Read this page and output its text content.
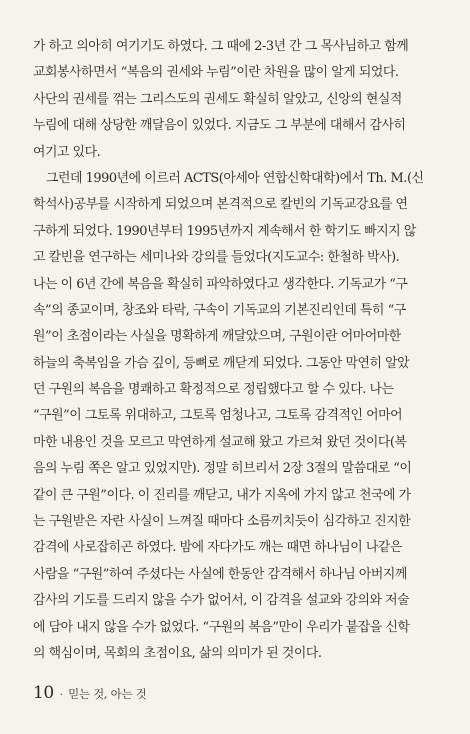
가 하고 의아히 여기기도 하였다. 그 때에 2-3년 간 그 목사님하고 함께
교회봉사하면서 “복음의 권세와 누림”이란 차원을 많이 알게 되었다.
사단의 권세를 꺾는 그리스도의 권세도 확실히 알았고, 신앙의 현실적
누림에 대해 상당한 깨달음이 있었다. 지금도 그 부분에 대해서 감사히
여기고 있다.
그런데 1990년에 이르러 ACTS(아세아 연합신학대학)에서 Th. M.(신
학석사)공부를 시작하게 되었으며 본격적으로 칼빈의 기독교강요를 연
구하게 되었다. 1990년부터 1995년까지 계속해서 한 학기도 빠지지 않
고 칼빈을 연구하는 세미나와 강의를 들었다(지도교수: 한철하 박사).
나는 이 6년 간에 복음을 확실히 파악하였다고 생각한다. 기독교가 “구
속”의 종교이며, 창조와 타락, 구속이 기독교의 기본진리인데 특히 “구
원”이 초점이라는 사실을 명확하게 깨달았으며, 구원이란 어마어마한
하늘의 축복임을 가슴 깊이, 등뼈로 깨닫게 되었다. 그동안 막연히 알았
던 구원의 복음을 명쾌하고 확정적으로 정립했다고 할 수 있다. 나는
“구원”이 그토록 위대하고, 그토록 엄청나고, 그토록 감격적인 어마어
마한 내용인 것을 모르고 막연하게 설교해 왔고 가르쳐 왔던 것이다(복
음의 누림 쪽은 알고 있었지만). 정말 히브리서 2장 3절의 말씀대로 “이
같이 큰 구원”이다. 이 진리를 깨닫고, 내가 지옥에 가지 않고 천국에 가
는 구원받은 자란 사실이 느껴질 때마다 소름끼치듯이 심각하고 진지한
감격에 사로잡히곤 하였다. 밤에 자다가도 깨는 때면 하나님이 나같은
사람을 “구원”하여 주셨다는 사실에 한동안 감격해서 하나님 아버지께
감사의 기도를 드리지 않을 수가 없어서, 이 감격을 설교와 강의와 저술
에 담아 내지 않을 수가 없었다. “구원의 복음”만이 우리가 붙잡을 신학
의 핵심이며, 목회의 초점이요, 삶의 의미가 된 것이다.
10 · 믿는 것, 아는 것
